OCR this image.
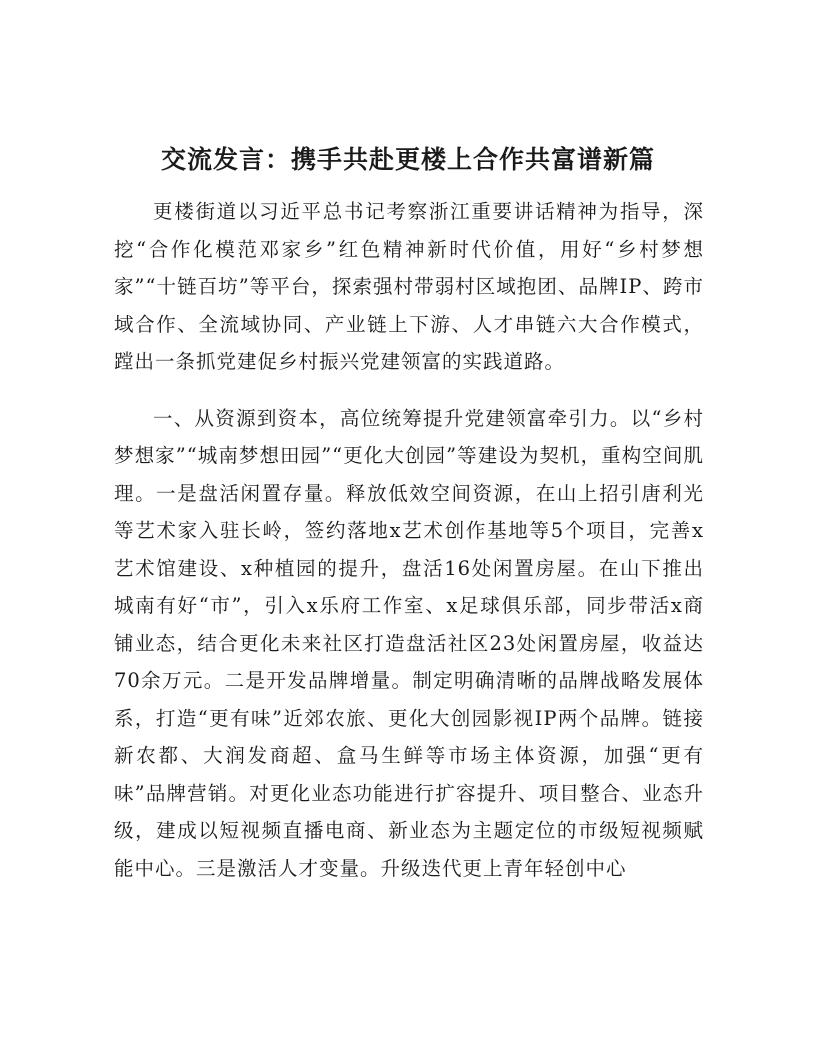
交流发言：携手共赴更楼上合作共富谱新篇

更楼街道以习近平总书记考察浙江重要讲话精神为指导，深挖“合作化模范邓家乡”红色精神新时代价值，用好“乡村梦想家”“十链百坊”等平台，探索强村带弱村区域抱团、品牌IP、跨市域合作、全流域协同、产业链上下游、人才串链六大合作模式，蹚出一条抓党建促乡村振兴党建领富的实践道路。

一、从资源到资本，高位统筹提升党建领富牵引力。以“乡村梦想家”“城南梦想田园”“更化大创园”等建设为契机，重构空间肌理。一是盘活闲置存量。释放低效空间资源，在山上招引唐利光等艺术家入驻长岭，签约落地x艺术创作基地等5个项目，完善x艺术馆建设、x种植园的提升，盘活16处闲置房屋。在山下推出城南有好“市”，引入x乐府工作室、x足球俱乐部，同步带活x商铺业态，结合更化未来社区打造盘活社区23处闲置房屋，收益达70余万元。二是开发品牌增量。制定明确清晰的品牌战略发展体系，打造“更有味”近郊农旅、更化大创园影视IP两个品牌。链接新农都、大润发商超、盒马生鲜等市场主体资源，加强“更有味”品牌营销。对更化业态功能进行扩容提升、项目整合、业态升级，建成以短视频直播电商、新业态为主题定位的市级短视频赋能中心。三是激活人才变量。升级迭代更上青年轻创中心
